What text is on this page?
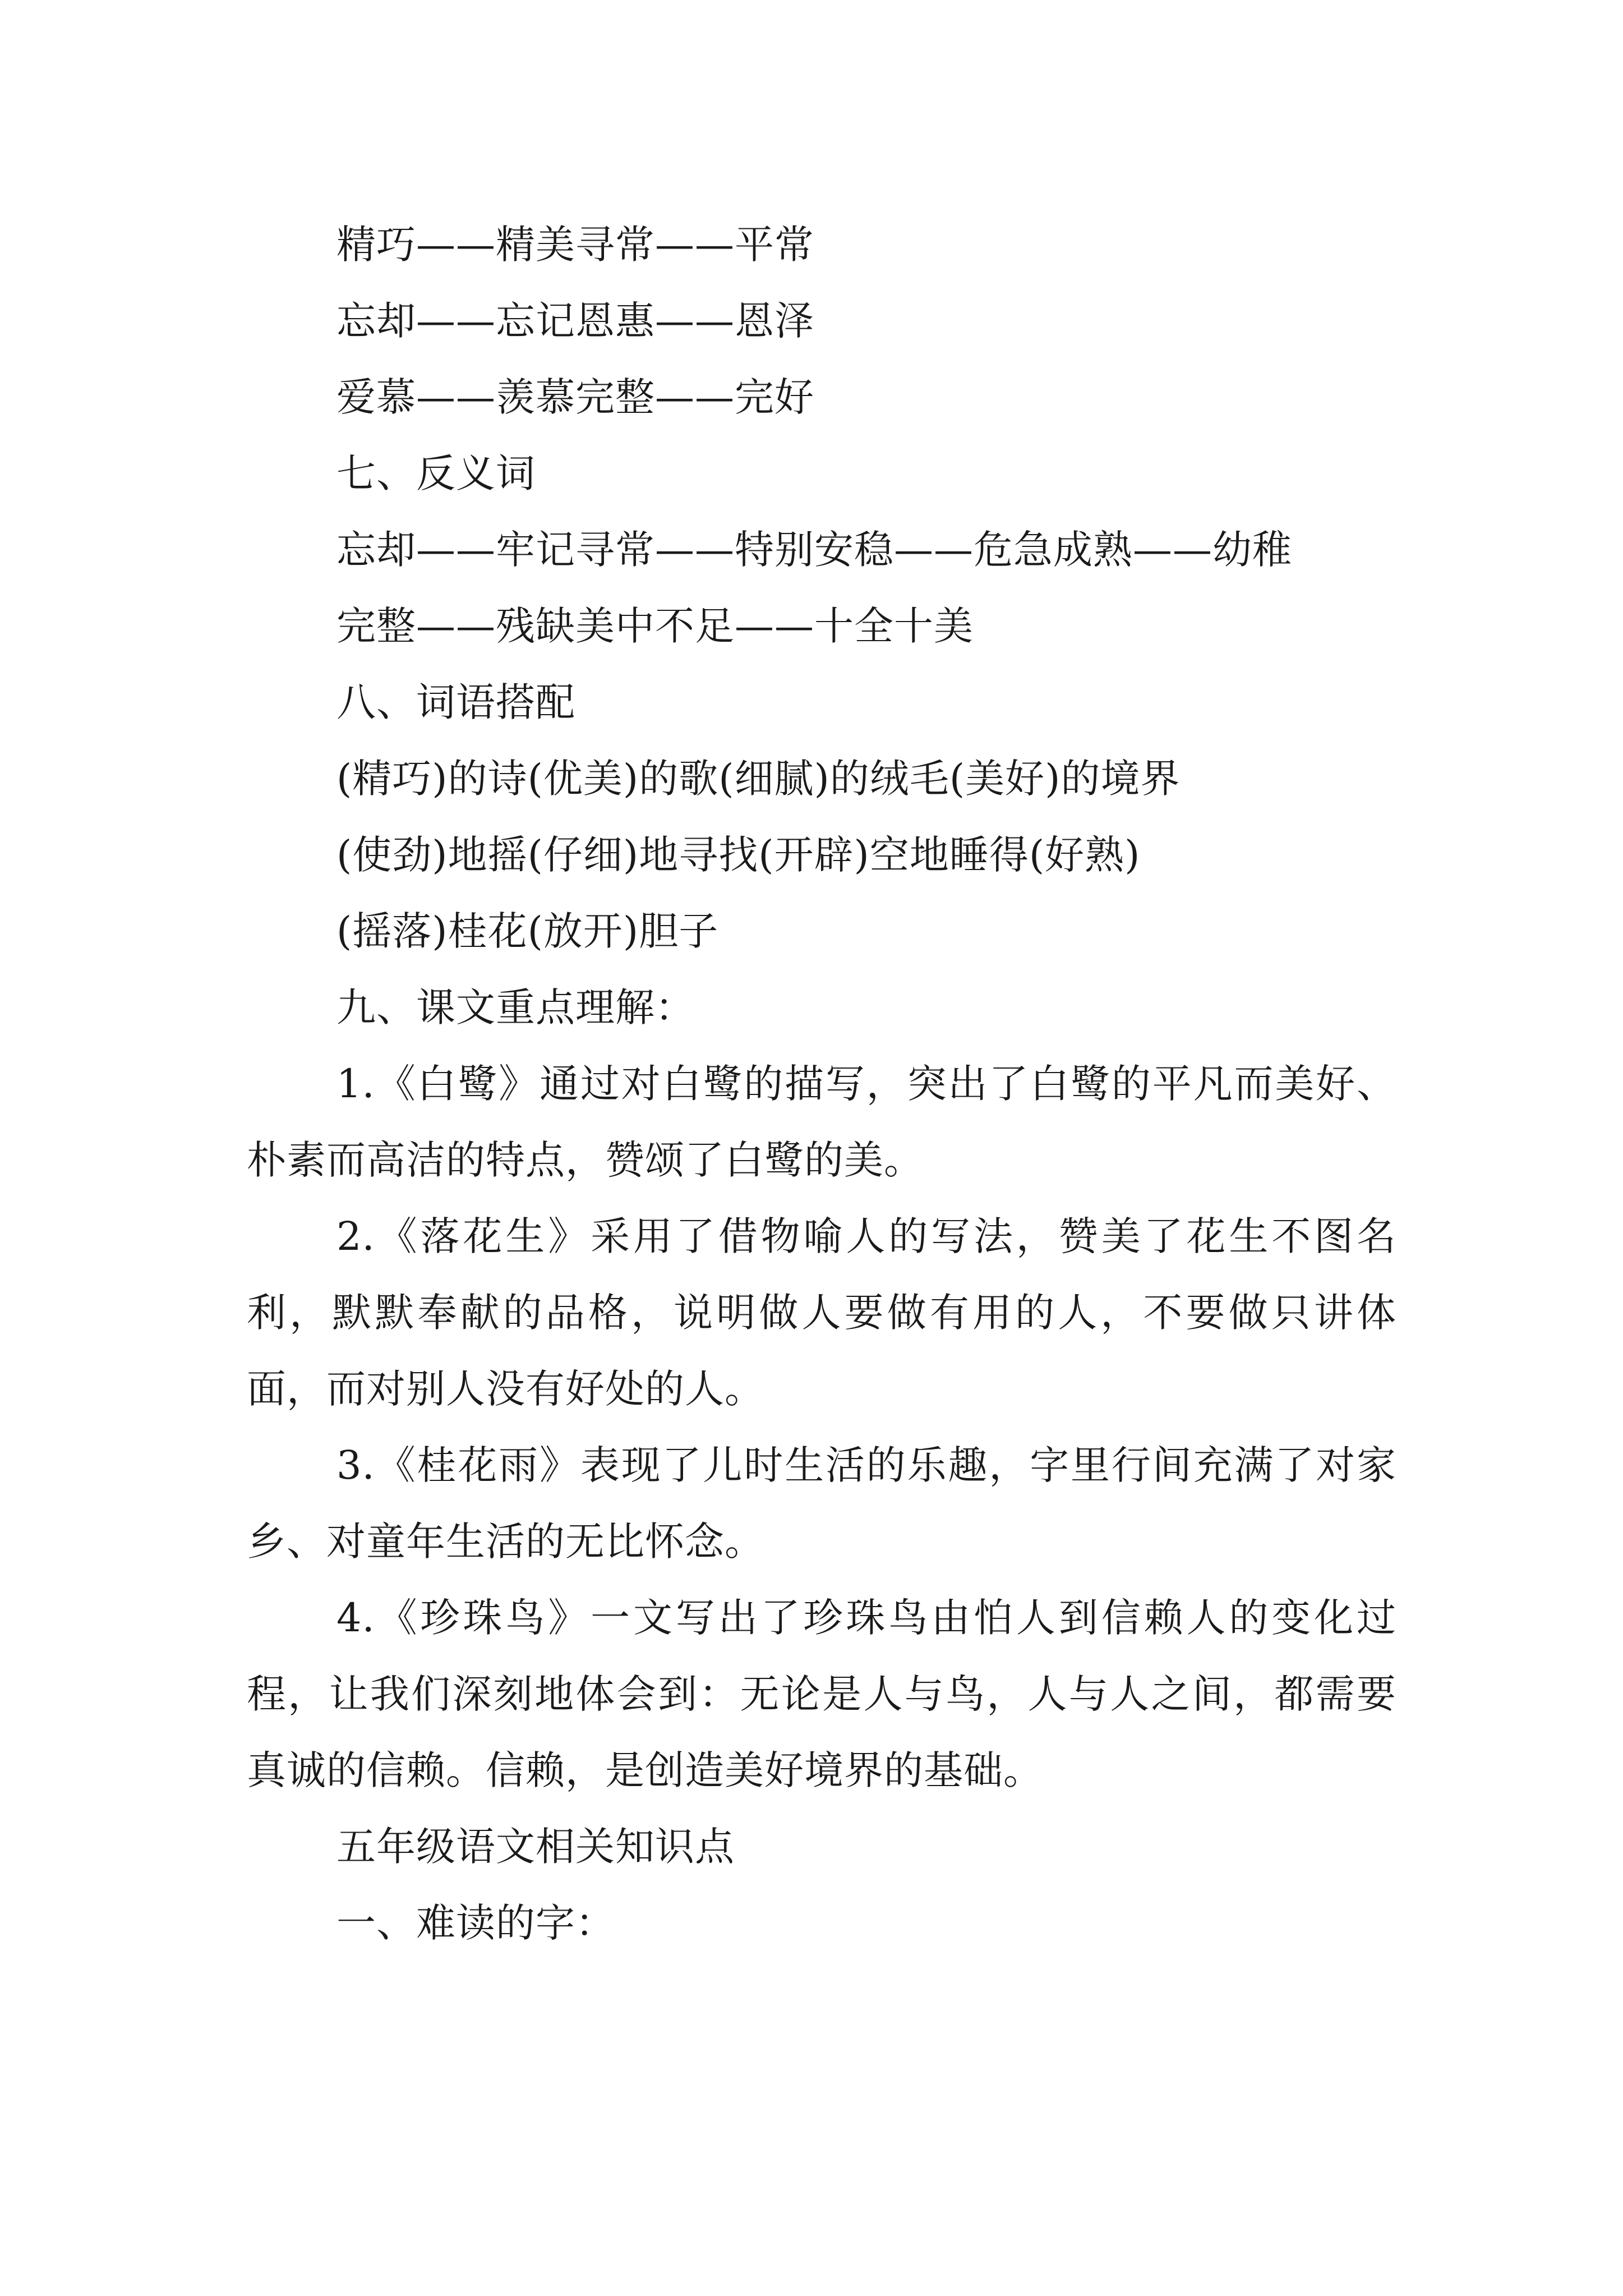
精巧——精美寻常——平常
忘却——忘记恩惠——恩泽
爱慕——羡慕完整——完好
七、反义词
忘却——牢记寻常——特别安稳——危急成熟——幼稚
完整——残缺美中不足——十全十美
八、词语搭配
(精巧)的诗(优美)的歌(细腻)的绒毛(美好)的境界
(使劲)地摇(仔细)地寻找(开辟)空地睡得(好熟)
(摇落)桂花(放开)胆子
九、课文重点理解：
1.《白鹭》通过对白鹭的描写，突出了白鹭的平凡而美好、朴素而高洁的特点，赞颂了白鹭的美。
2.《落花生》采用了借物喻人的写法，赞美了花生不图名利，默默奉献的品格，说明做人要做有用的人，不要做只讲体面，而对别人没有好处的人。
3.《桂花雨》表现了儿时生活的乐趣，字里行间充满了对家乡、对童年生活的无比怀念。
4.《珍珠鸟》一文写出了珍珠鸟由怕人到信赖人的变化过程，让我们深刻地体会到：无论是人与鸟，人与人之间，都需要真诚的信赖。信赖，是创造美好境界的基础。
五年级语文相关知识点
一、难读的字：
